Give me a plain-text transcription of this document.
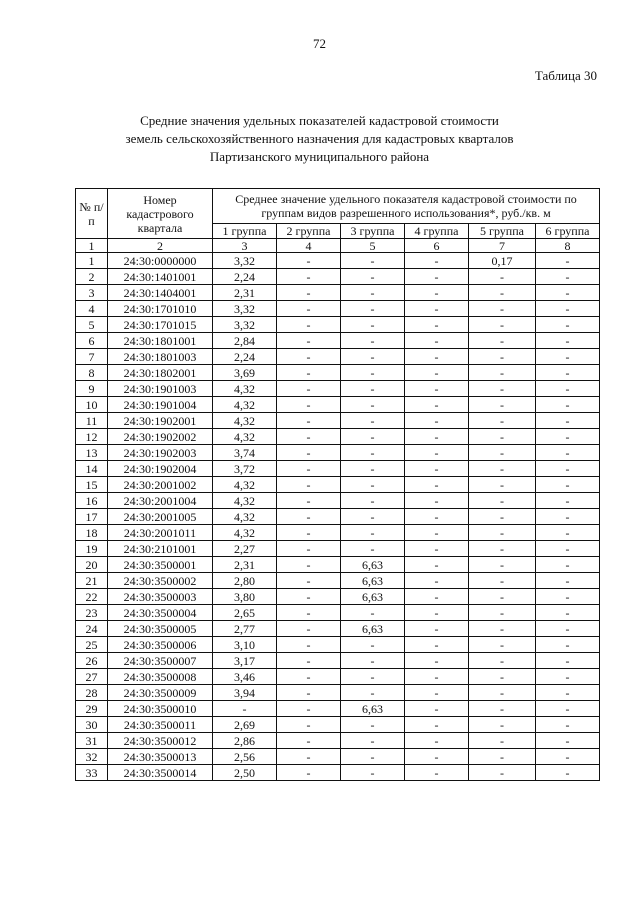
72
Таблица 30
Средние значения удельных показателей кадастровой стоимости
земель сельскохозяйственного назначения для кадастровых кварталов
Партизанского муниципального района
№ п/п	Номер кадастрового квартала	Среднее значение удельного показателя кадастровой стоимости по группам видов разрешенного использования*, руб./кв. м					
		1 группа	2 группа	3 группа	4 группа	5 группа	6 группа
1	2	3	4	5	6	7	8
1	24:30:0000000	3,32	-	-	-	0,17	-
2	24:30:1401001	2,24	-	-	-	-	-
3	24:30:1404001	2,31	-	-	-	-	-
4	24:30:1701010	3,32	-	-	-	-	-
5	24:30:1701015	3,32	-	-	-	-	-
6	24:30:1801001	2,84	-	-	-	-	-
7	24:30:1801003	2,24	-	-	-	-	-
8	24:30:1802001	3,69	-	-	-	-	-
9	24:30:1901003	4,32	-	-	-	-	-
10	24:30:1901004	4,32	-	-	-	-	-
11	24:30:1902001	4,32	-	-	-	-	-
12	24:30:1902002	4,32	-	-	-	-	-
13	24:30:1902003	3,74	-	-	-	-	-
14	24:30:1902004	3,72	-	-	-	-	-
15	24:30:2001002	4,32	-	-	-	-	-
16	24:30:2001004	4,32	-	-	-	-	-
17	24:30:2001005	4,32	-	-	-	-	-
18	24:30:2001011	4,32	-	-	-	-	-
19	24:30:2101001	2,27	-	-	-	-	-
20	24:30:3500001	2,31	-	6,63	-	-	-
21	24:30:3500002	2,80	-	6,63	-	-	-
22	24:30:3500003	3,80	-	6,63	-	-	-
23	24:30:3500004	2,65	-	-	-	-	-
24	24:30:3500005	2,77	-	6,63	-	-	-
25	24:30:3500006	3,10	-	-	-	-	-
26	24:30:3500007	3,17	-	-	-	-	-
27	24:30:3500008	3,46	-	-	-	-	-
28	24:30:3500009	3,94	-	-	-	-	-
29	24:30:3500010	-	-	6,63	-	-	-
30	24:30:3500011	2,69	-	-	-	-	-
31	24:30:3500012	2,86	-	-	-	-	-
32	24:30:3500013	2,56	-	-	-	-	-
33	24:30:3500014	2,50	-	-	-	-	-
